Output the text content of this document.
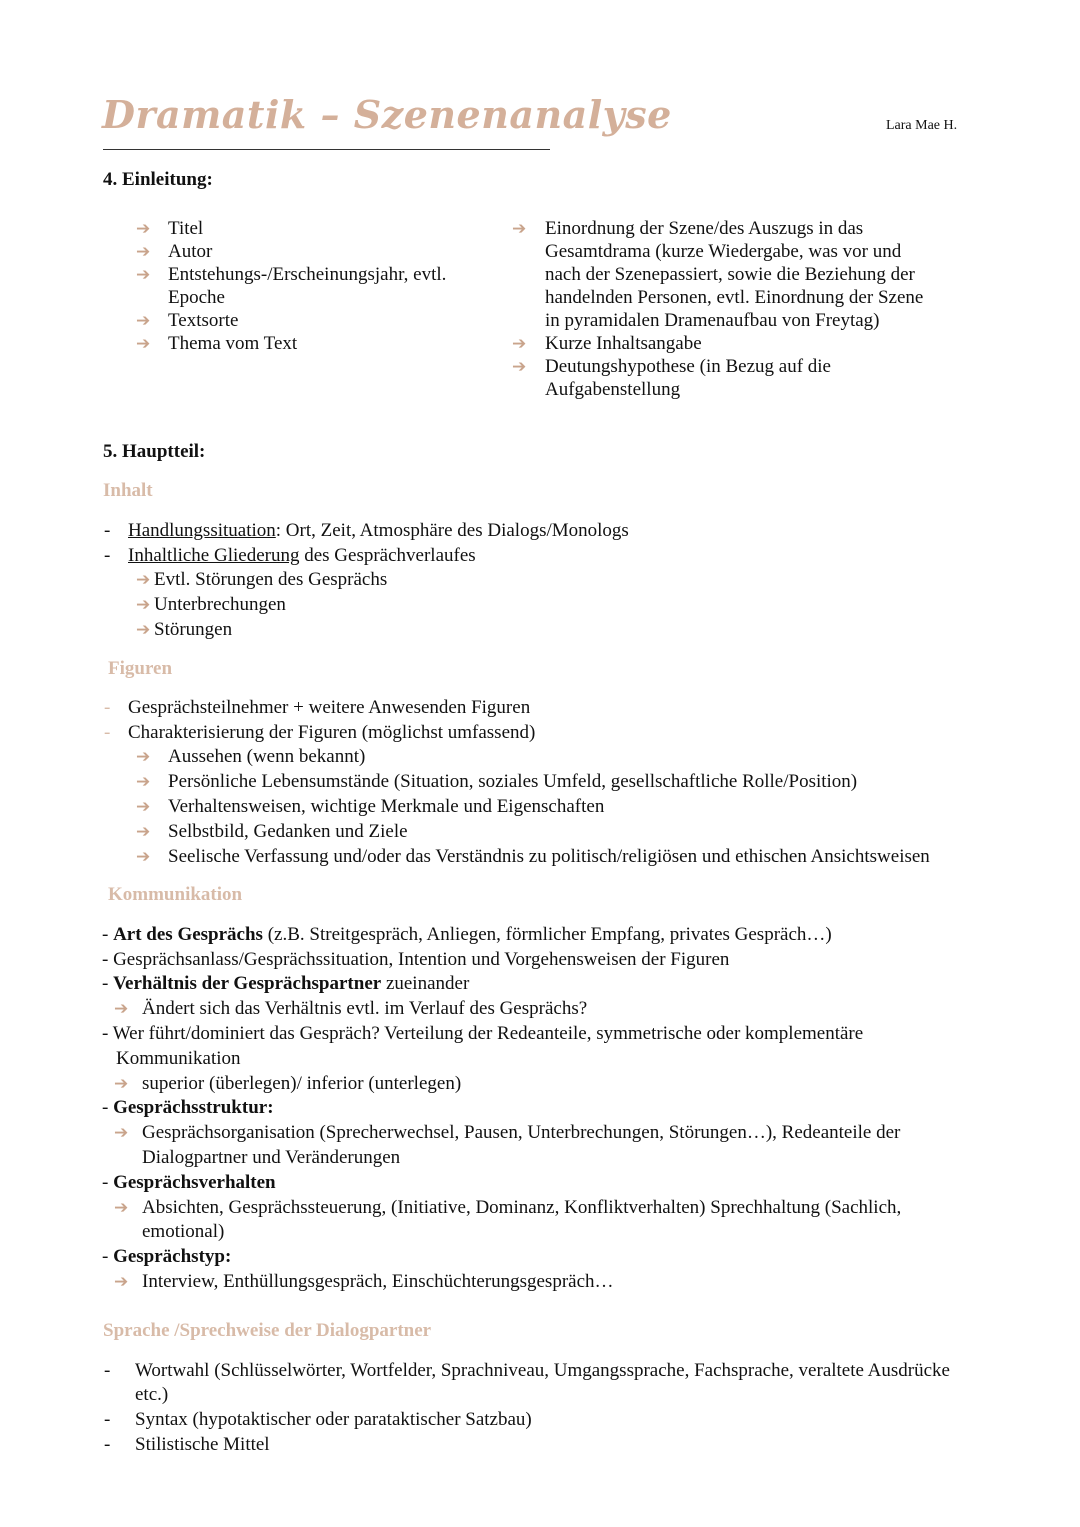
Dramatik – Szenenanalyse	Lara Mae H.
4. Einleitung:
➔ Titel
➔ Autor
➔ Entstehungs-/Erscheinungsjahr, evtl.
Epoche
➔ Textsorte
➔ Thema vom Text
➔ Einordnung der Szene/des Auszugs in das
Gesamtdrama (kurze Wiedergabe, was vor und
nach der Szenepassiert, sowie die Beziehung der
handelnden Personen, evtl. Einordnung der Szene
in pyramidalen Dramenaufbau von Freytag)
➔ Kurze Inhaltsangabe
➔ Deutungshypothese (in Bezug auf die
Aufgabenstellung
5. Hauptteil:
Inhalt
- Handlungssituation: Ort, Zeit, Atmosphäre des Dialogs/Monologs
- Inhaltliche Gliederung des Gesprächverlaufes
➔ Evtl. Störungen des Gesprächs
➔ Unterbrechungen
➔ Störungen
Figuren
- Gesprächsteilnehmer + weitere Anwesenden Figuren
- Charakterisierung der Figuren (möglichst umfassend)
➔ Aussehen (wenn bekannt)
➔ Persönliche Lebensumstände (Situation, soziales Umfeld, gesellschaftliche Rolle/Position)
➔ Verhaltensweisen, wichtige Merkmale und Eigenschaften
➔ Selbstbild, Gedanken und Ziele
➔ Seelische Verfassung und/oder das Verständnis zu politisch/religiösen und ethischen Ansichtsweisen
Kommunikation
- Art des Gesprächs (z.B. Streitgespräch, Anliegen, förmlicher Empfang, privates Gespräch…)
- Gesprächsanlass/Gesprächssituation, Intention und Vorgehensweisen der Figuren
- Verhältnis der Gesprächspartner zueinander
➔ Ändert sich das Verhältnis evtl. im Verlauf des Gesprächs?
- Wer führt/dominiert das Gespräch? Verteilung der Redeanteile, symmetrische oder komplementäre
Kommunikation
➔ superior (überlegen)/ inferior (unterlegen)
- Gesprächsstruktur:
➔ Gesprächsorganisation (Sprecherwechsel, Pausen, Unterbrechungen, Störungen…), Redeanteile der
Dialogpartner und Veränderungen
- Gesprächsverhalten
➔ Absichten, Gesprächssteuerung, (Initiative, Dominanz, Konfliktverhalten) Sprechhaltung (Sachlich,
emotional)
- Gesprächstyp:
➔ Interview, Enthüllungsgespräch, Einschüchterungsgespräch…
Sprache /Sprechweise der Dialogpartner
- Wortwahl (Schlüsselwörter, Wortfelder, Sprachniveau, Umgangssprache, Fachsprache, veraltete Ausdrücke
etc.)
- Syntax (hypotaktischer oder parataktischer Satzbau)
- Stilistische Mittel
